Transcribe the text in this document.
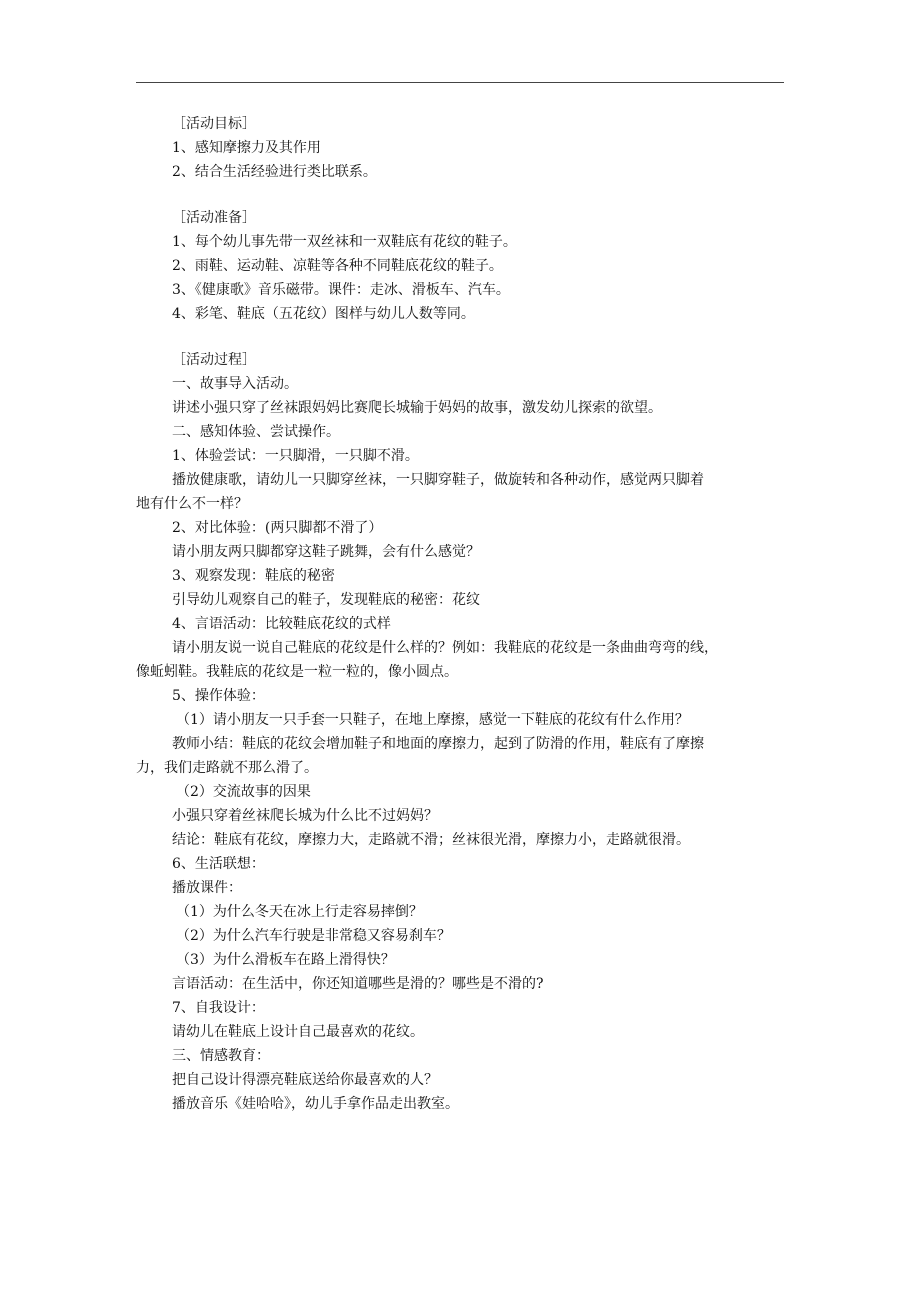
［活动目标］
1、感知摩擦力及其作用
2、结合生活经验进行类比联系。
［活动准备］
1、每个幼儿事先带一双丝袜和一双鞋底有花纹的鞋子。
2、雨鞋、运动鞋、凉鞋等各种不同鞋底花纹的鞋子。
3、《健康歌》音乐磁带。课件：走冰、滑板车、汽车。
4、彩笔、鞋底（五花纹）图样与幼儿人数等同。
［活动过程］
一、故事导入活动。
讲述小强只穿了丝袜跟妈妈比赛爬长城输于妈妈的故事，激发幼儿探索的欲望。
二、感知体验、尝试操作。
1、体验尝试：一只脚滑，一只脚不滑。
播放健康歌，请幼儿一只脚穿丝袜，一只脚穿鞋子，做旋转和各种动作，感觉两只脚着
地有什么不一样？
2、对比体验：(两只脚都不滑了）
请小朋友两只脚都穿这鞋子跳舞，会有什么感觉？
3、观察发现：鞋底的秘密
引导幼儿观察自己的鞋子，发现鞋底的秘密：花纹
4、言语活动：比较鞋底花纹的式样
请小朋友说一说自己鞋底的花纹是什么样的？例如：我鞋底的花纹是一条曲曲弯弯的线，
像蚯蚓鞋。我鞋底的花纹是一粒一粒的，像小圆点。
5、操作体验：
（1）请小朋友一只手套一只鞋子，在地上摩擦，感觉一下鞋底的花纹有什么作用？
教师小结：鞋底的花纹会增加鞋子和地面的摩擦力，起到了防滑的作用，鞋底有了摩擦
力，我们走路就不那么滑了。
（2）交流故事的因果
小强只穿着丝袜爬长城为什么比不过妈妈？
结论：鞋底有花纹，摩擦力大，走路就不滑；丝袜很光滑，摩擦力小，走路就很滑。
6、生活联想：
播放课件：
（1）为什么冬天在冰上行走容易摔倒？
（2）为什么汽车行驶是非常稳又容易刹车？
（3）为什么滑板车在路上滑得快？
言语活动：在生活中，你还知道哪些是滑的？哪些是不滑的?
7、自我设计：
请幼儿在鞋底上设计自己最喜欢的花纹。
三、情感教育：
把自己设计得漂亮鞋底送给你最喜欢的人？
播放音乐《娃哈哈》，幼儿手拿作品走出教室。
